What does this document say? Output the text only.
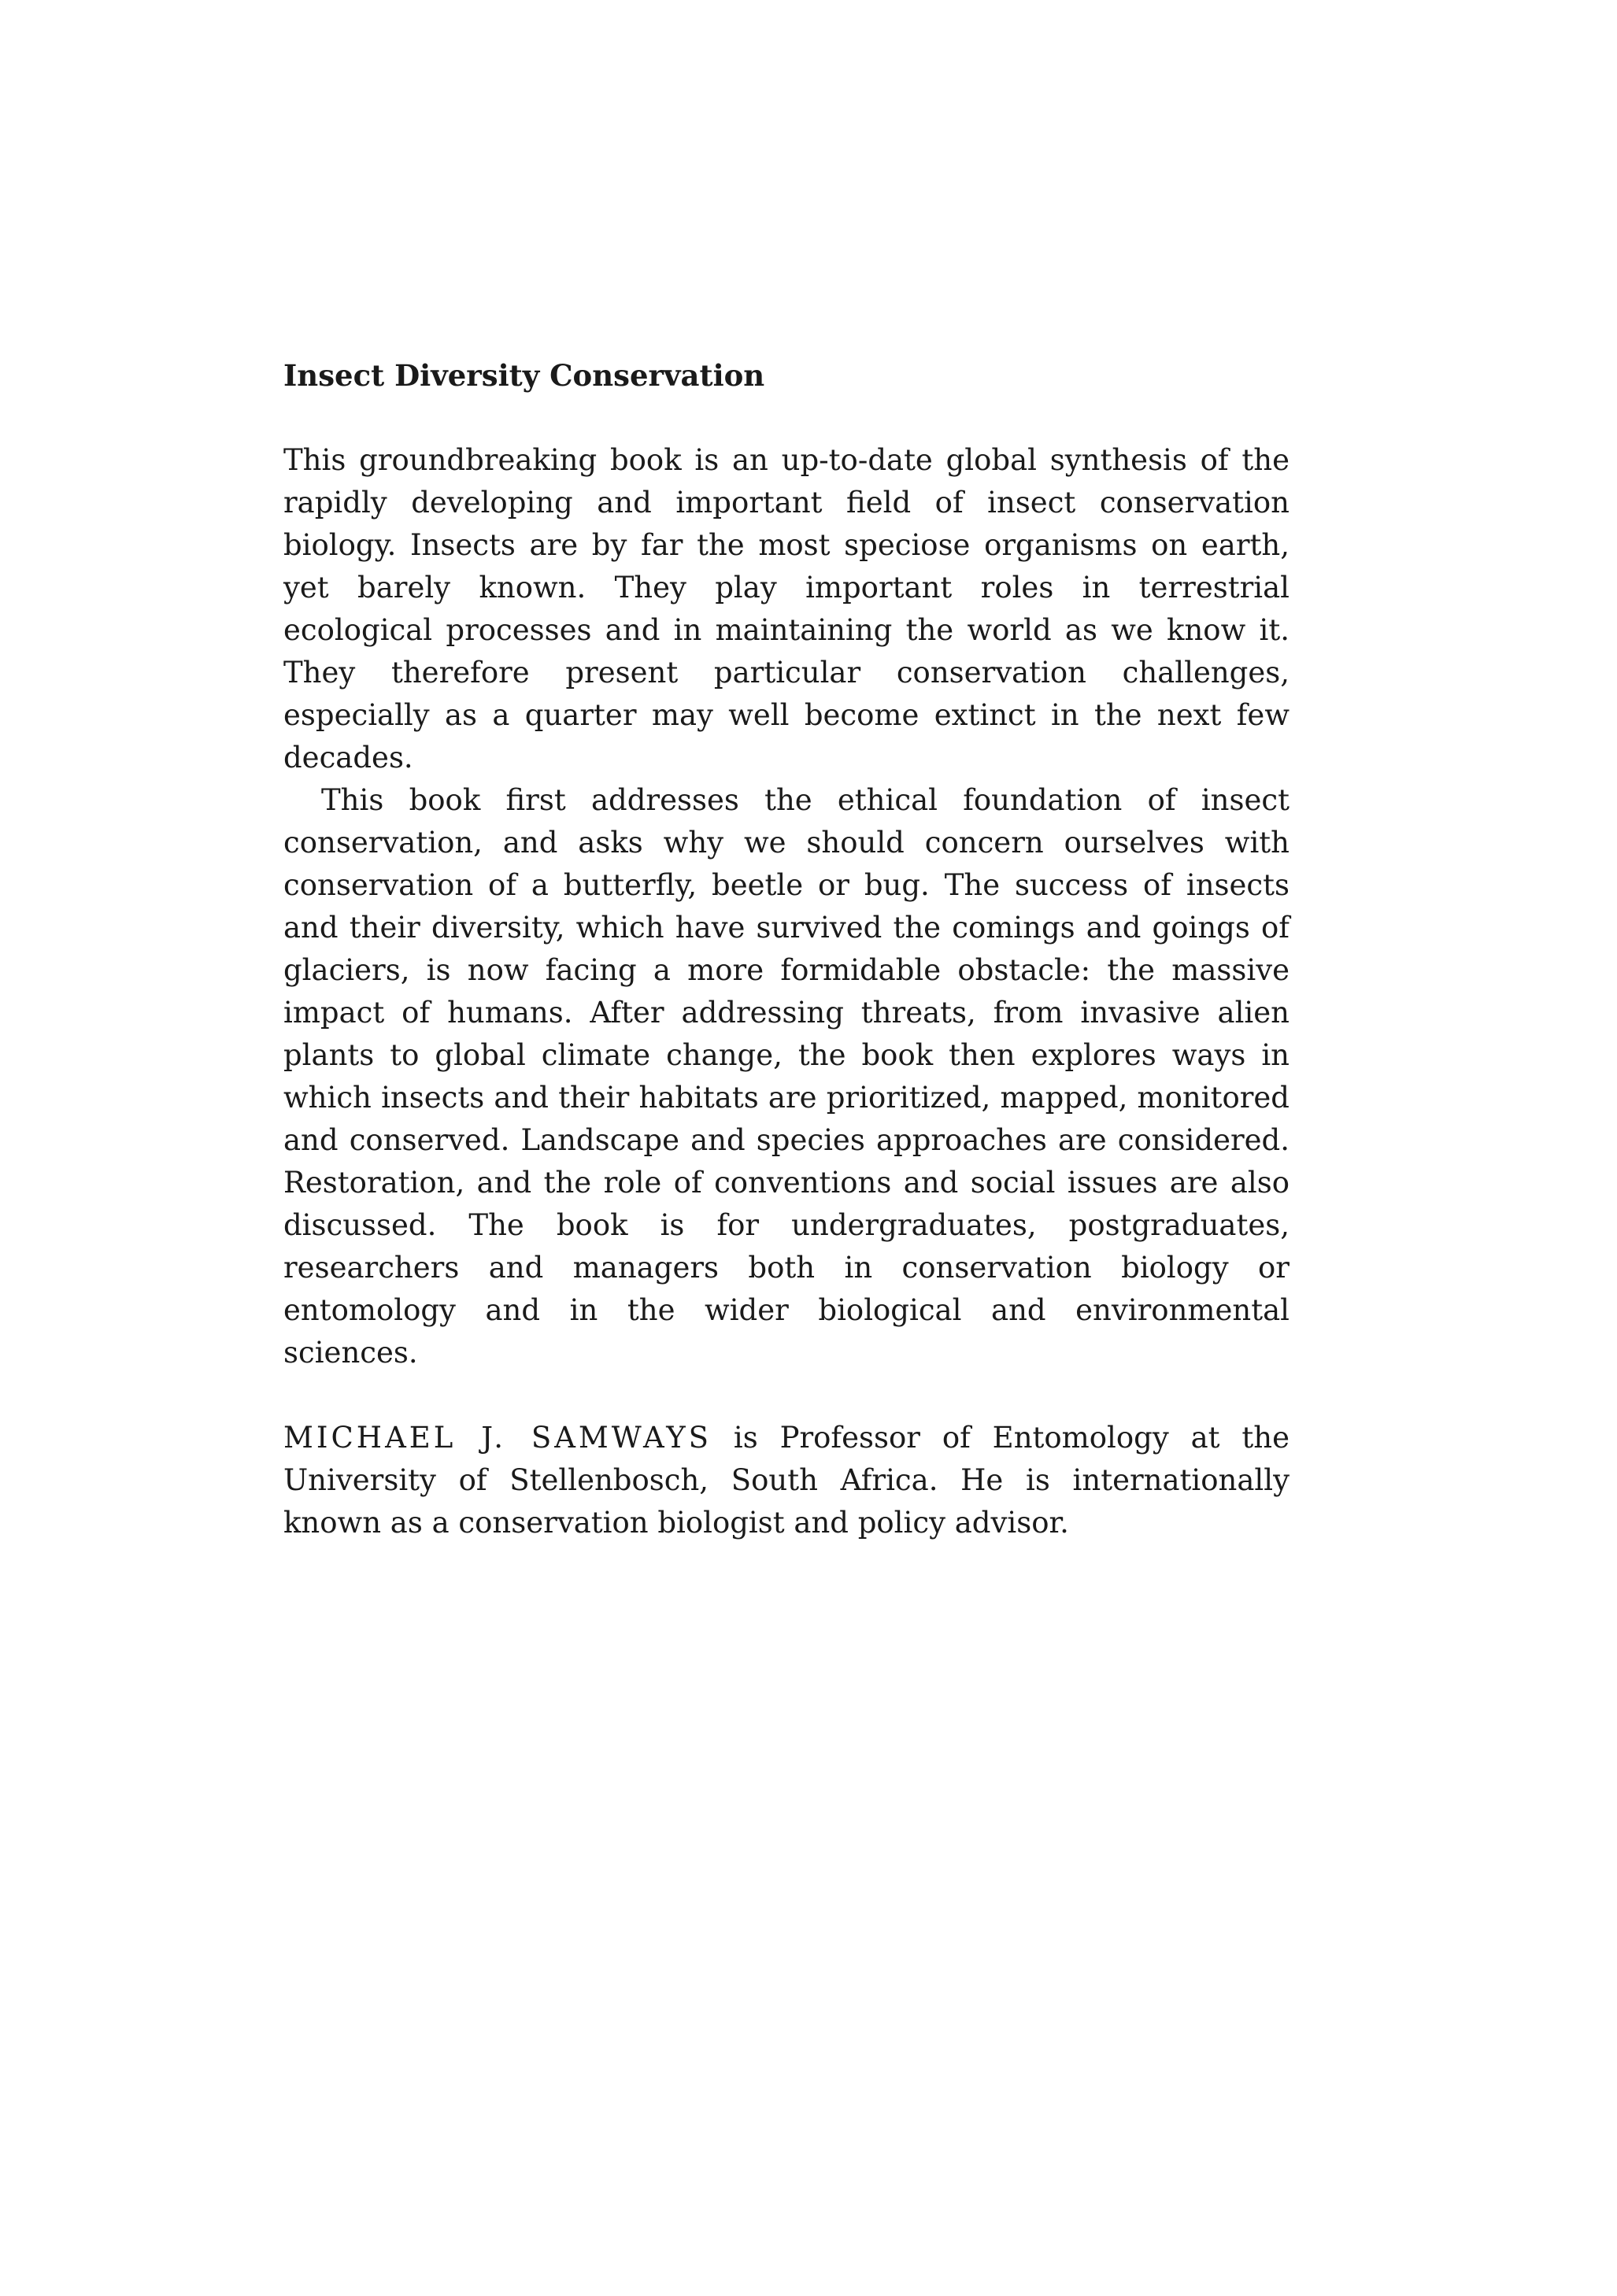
Insect Diversity Conservation

This groundbreaking book is an up-to-date global synthesis of the rapidly developing and important field of insect conservation biology. Insects are by far the most speciose organisms on earth, yet barely known. They play important roles in terrestrial ecological processes and in maintaining the world as we know it. They therefore present particular conservation challenges, especially as a quarter may well become extinct in the next few decades.

This book first addresses the ethical foundation of insect conservation, and asks why we should concern ourselves with conservation of a butterfly, beetle or bug. The success of insects and their diversity, which have survived the comings and goings of glaciers, is now facing a more formidable obstacle: the massive impact of humans. After addressing threats, from invasive alien plants to global climate change, the book then explores ways in which insects and their habitats are prioritized, mapped, monitored and conserved. Landscape and species approaches are considered. Restoration, and the role of conventions and social issues are also discussed. The book is for undergraduates, postgraduates, researchers and managers both in conservation biology or entomology and in the wider biological and environmental sciences.

MICHAEL J. SAMWAYS is Professor of Entomology at the University of Stellenbosch, South Africa. He is internationally known as a conservation biologist and policy advisor.
